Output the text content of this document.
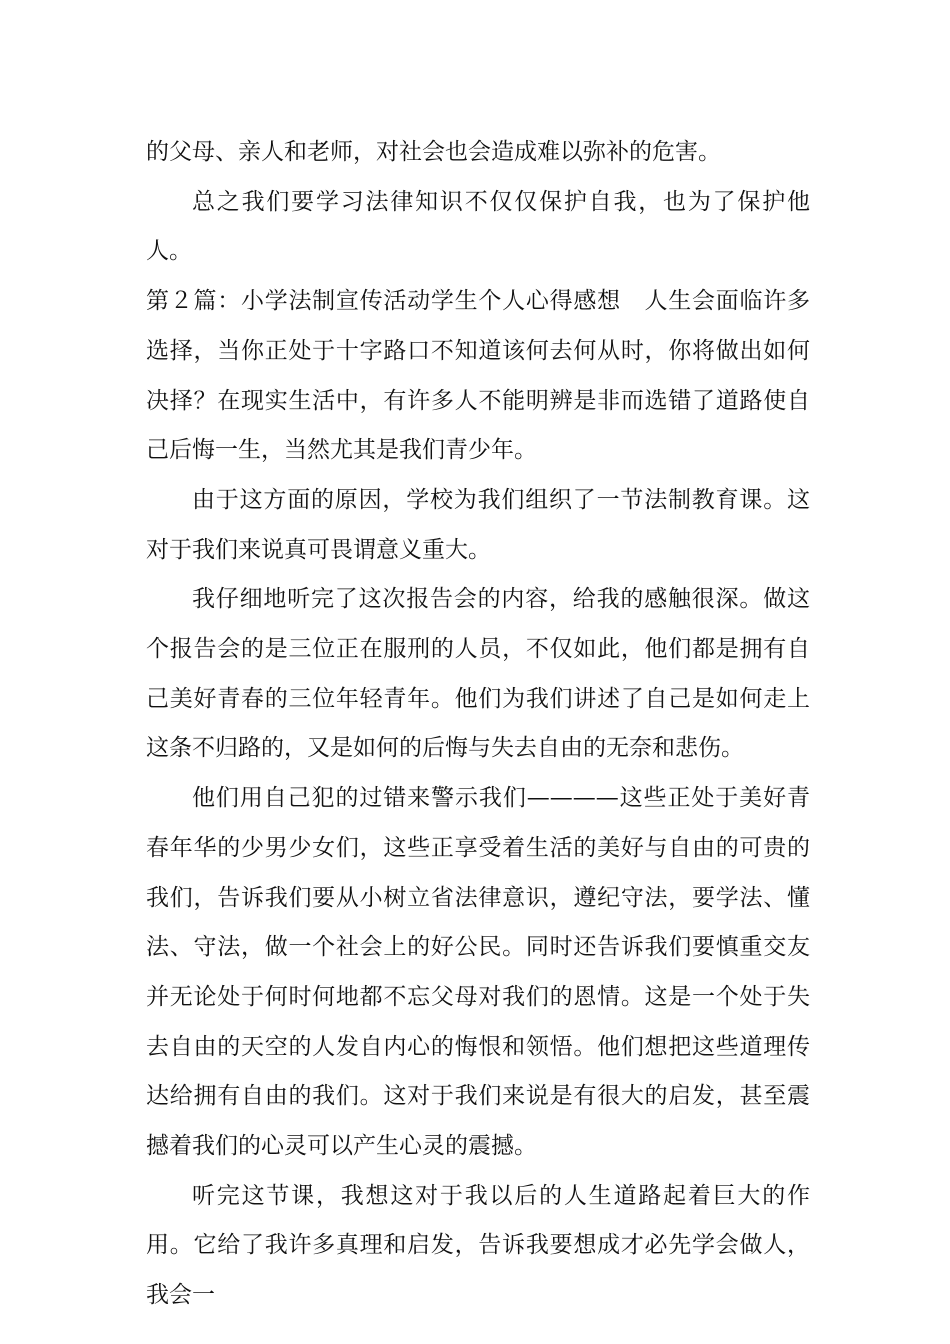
的父母、亲人和老师，对社会也会造成难以弥补的危害。

总之我们要学习法律知识不仅仅保护自我，也为了保护他人。

第２篇：小学法制宣传活动学生个人心得感想　人生会面临许多选择，当你正处于十字路口不知道该何去何从时，你将做出如何决择？在现实生活中，有许多人不能明辨是非而选错了道路使自己后悔一生，当然尤其是我们青少年。

由于这方面的原因，学校为我们组织了一节法制教育课。这对于我们来说真可畏谓意义重大。

我仔细地听完了这次报告会的内容，给我的感触很深。做这个报告会的是三位正在服刑的人员，不仅如此，他们都是拥有自己美好青春的三位年轻青年。他们为我们讲述了自己是如何走上这条不归路的，又是如何的后悔与失去自由的无奈和悲伤。

他们用自己犯的过错来警示我们————这些正处于美好青春年华的少男少女们，这些正享受着生活的美好与自由的可贵的我们，告诉我们要从小树立省法律意识，遵纪守法，要学法、懂法、守法，做一个社会上的好公民。同时还告诉我们要慎重交友并无论处于何时何地都不忘父母对我们的恩情。这是一个处于失去自由的天空的人发自内心的悔恨和领悟。他们想把这些道理传达给拥有自由的我们。这对于我们来说是有很大的启发，甚至震撼着我们的心灵可以产生心灵的震撼。

听完这节课，我想这对于我以后的人生道路起着巨大的作用。它给了我许多真理和启发，告诉我要想成才必先学会做人，我会一
